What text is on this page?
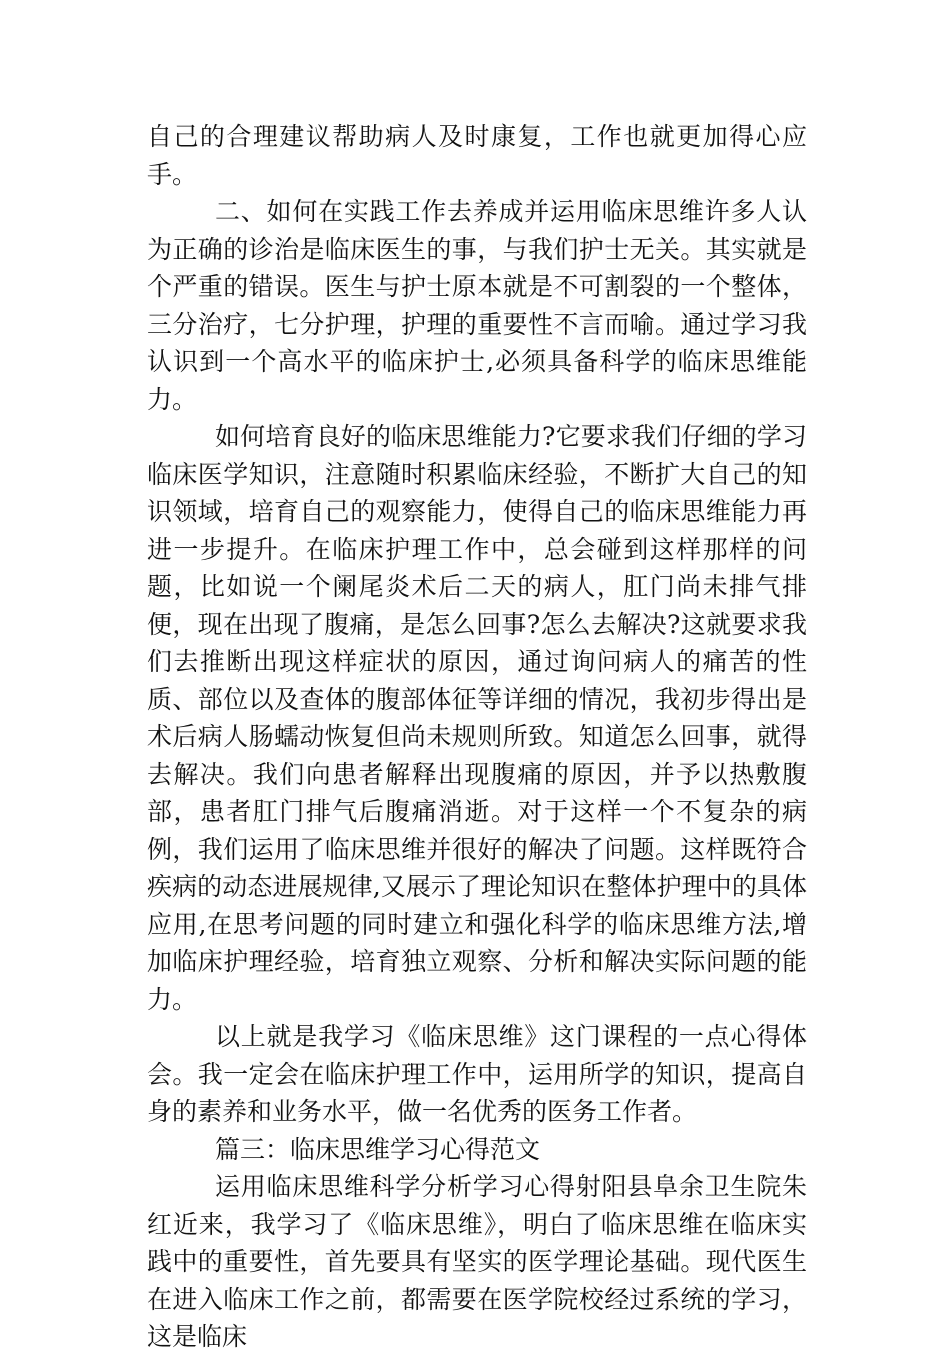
自己的合理建议帮助病人及时康复，工作也就更加得心应手。

二、如何在实践工作去养成并运用临床思维许多人认为正确的诊治是临床医生的事，与我们护士无关。其实就是个严重的错误。医生与护士原本就是不可割裂的一个整体，三分治疗，七分护理，护理的重要性不言而喻。通过学习我认识到一个高水平的临床护士,必须具备科学的临床思维能力。

如何培育良好的临床思维能力?它要求我们仔细的学习临床医学知识，注意随时积累临床经验，不断扩大自己的知识领域，培育自己的观察能力，使得自己的临床思维能力再进一步提升。在临床护理工作中，总会碰到这样那样的问题，比如说一个阑尾炎术后二天的病人，肛门尚未排气排便，现在出现了腹痛，是怎么回事?怎么去解决?这就要求我们去推断出现这样症状的原因，通过询问病人的痛苦的性质、部位以及查体的腹部体征等详细的情况，我初步得出是术后病人肠蠕动恢复但尚未规则所致。知道怎么回事，就得去解决。我们向患者解释出现腹痛的原因，并予以热敷腹部，患者肛门排气后腹痛消逝。对于这样一个不复杂的病例，我们运用了临床思维并很好的解决了问题。这样既符合疾病的动态进展规律,又展示了理论知识在整体护理中的具体应用,在思考问题的同时建立和强化科学的临床思维方法,增加临床护理经验，培育独立观察、分析和解决实际问题的能力。

以上就是我学习《临床思维》这门课程的一点心得体会。我一定会在临床护理工作中，运用所学的知识，提高自身的素养和业务水平，做一名优秀的医务工作者。

篇三：临床思维学习心得范文

运用临床思维科学分析学习心得射阳县阜余卫生院朱红近来，我学习了《临床思维》，明白了临床思维在临床实践中的重要性，首先要具有坚实的医学理论基础。现代医生在进入临床工作之前，都需要在医学院校经过系统的学习，这是临床
